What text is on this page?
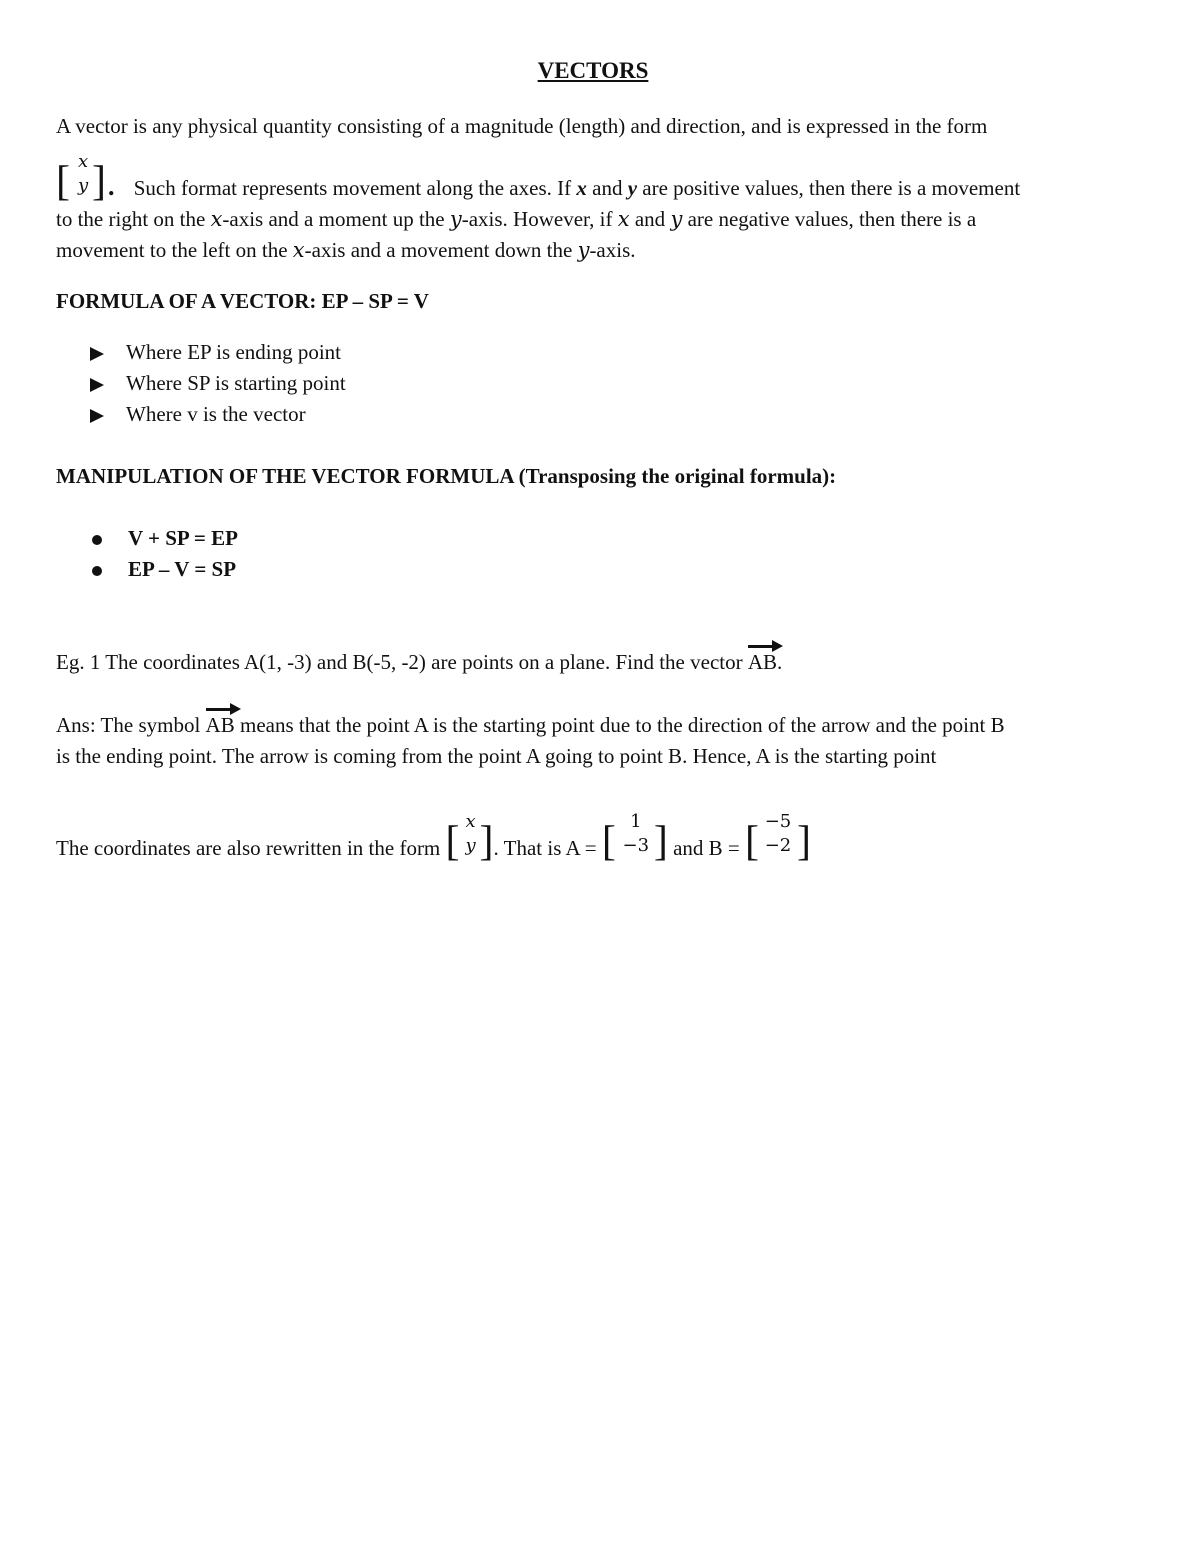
VECTORS
A vector is any physical quantity consisting of a magnitude (length) and direction, and is expressed in the form
[ x
y ] . Such format represents movement along the axes. If x and y are positive values, then there is a movement
to the right on the x-axis and a moment up the y-axis. However, if x and y are negative values, then there is a
movement to the left on the x-axis and a movement down the y-axis.
FORMULA OF A VECTOR: EP – SP = V
Where EP is ending point
Where SP is starting point
Where v is the vector
MANIPULATION OF THE VECTOR FORMULA (Transposing the original formula):
V + SP = EP
EP – V = SP
Eg. 1 The coordinates A(1, -3) and B(-5, -2) are points on a plane. Find the vector
AB.
Ans: The symbol
AB means that the point A is the starting point due to the direction of the arrow and the point B
is the ending point. The arrow is coming from the point A going to point B. Hence, A is the starting point
The coordinates are also rewritten in the form [ x
y ] . That is A = [ 1
−3 ] and B = [ −5
−2 ]
